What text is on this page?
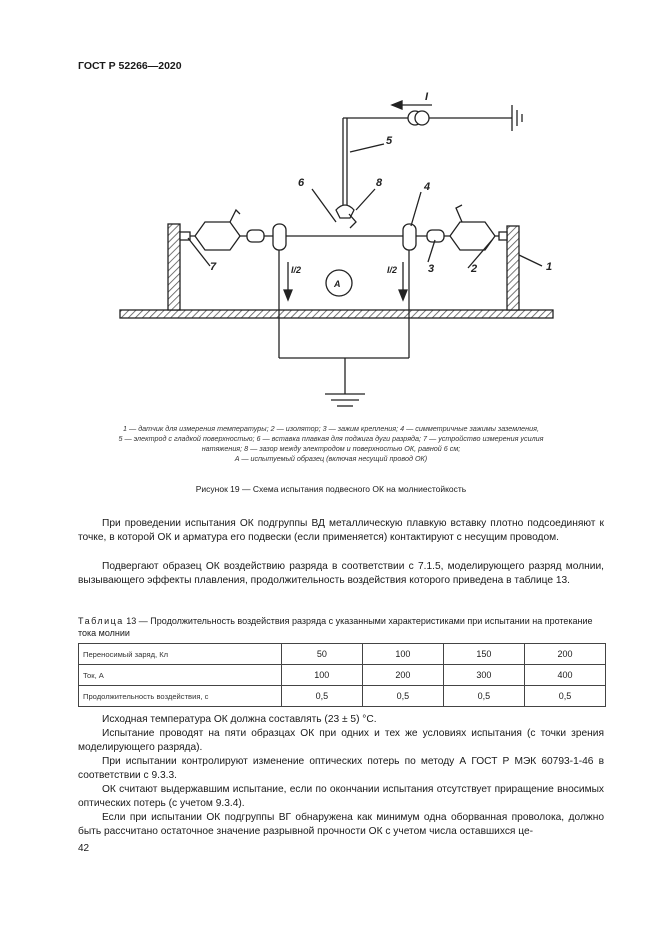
ГОСТ Р 52266—2020
I
5
6	8	4
7	3	2	1
I/2	I/2
A
1 — датчик для измерения температуры; 2 — изолятор; 3 — зажим крепления; 4 — симметричные зажимы заземления,
5 — электрод с гладкой поверхностью; 6 — вставка плавкая для поджига дуги разряда; 7 — устройство измерения усилия
натяжения; 8 — зазор между электродом и поверхностью ОК, равной 6 см;
A — испытуемый образец (включая несущий провод ОК)
Рисунок 19 — Схема испытания подвесного ОК на молниестойкость
При проведении испытания ОК подгруппы ВД металлическую плавкую вставку плотно подсоединяют к точке, в которой ОК и арматура его подвески (если применяется) контактируют с несущим проводом.
Подвергают образец ОК воздействию разряда в соответствии с 7.1.5, моделирующего разряд молнии, вызывающего эффекты плавления, продолжительность воздействия которого приведена в таблице 13.
Таблица 13 — Продолжительность воздействия разряда с указанными характеристиками при испытании на протекание тока молнии
Переносимый заряд, Кл	50	100	150	200
Ток, А	100	200	300	400
Продолжительность воздействия, с	0,5	0,5	0,5	0,5
Исходная температура ОК должна составлять (23 ± 5) °С.
Испытание проводят на пяти образцах ОК при одних и тех же условиях испытания (с точки зрения моделирующего разряда).
При испытании контролируют изменение оптических потерь по методу А ГОСТ Р МЭК 60793-1-46 в соответствии с 9.3.3.
ОК считают выдержавшим испытание, если по окончании испытания отсутствует приращение вносимых оптических потерь (с учетом 9.3.4).
Если при испытании ОК подгруппы ВГ обнаружена как минимум одна оборванная проволока, должно быть рассчитано остаточное значение разрывной прочности ОК с учетом числа оставшихся це-
42
